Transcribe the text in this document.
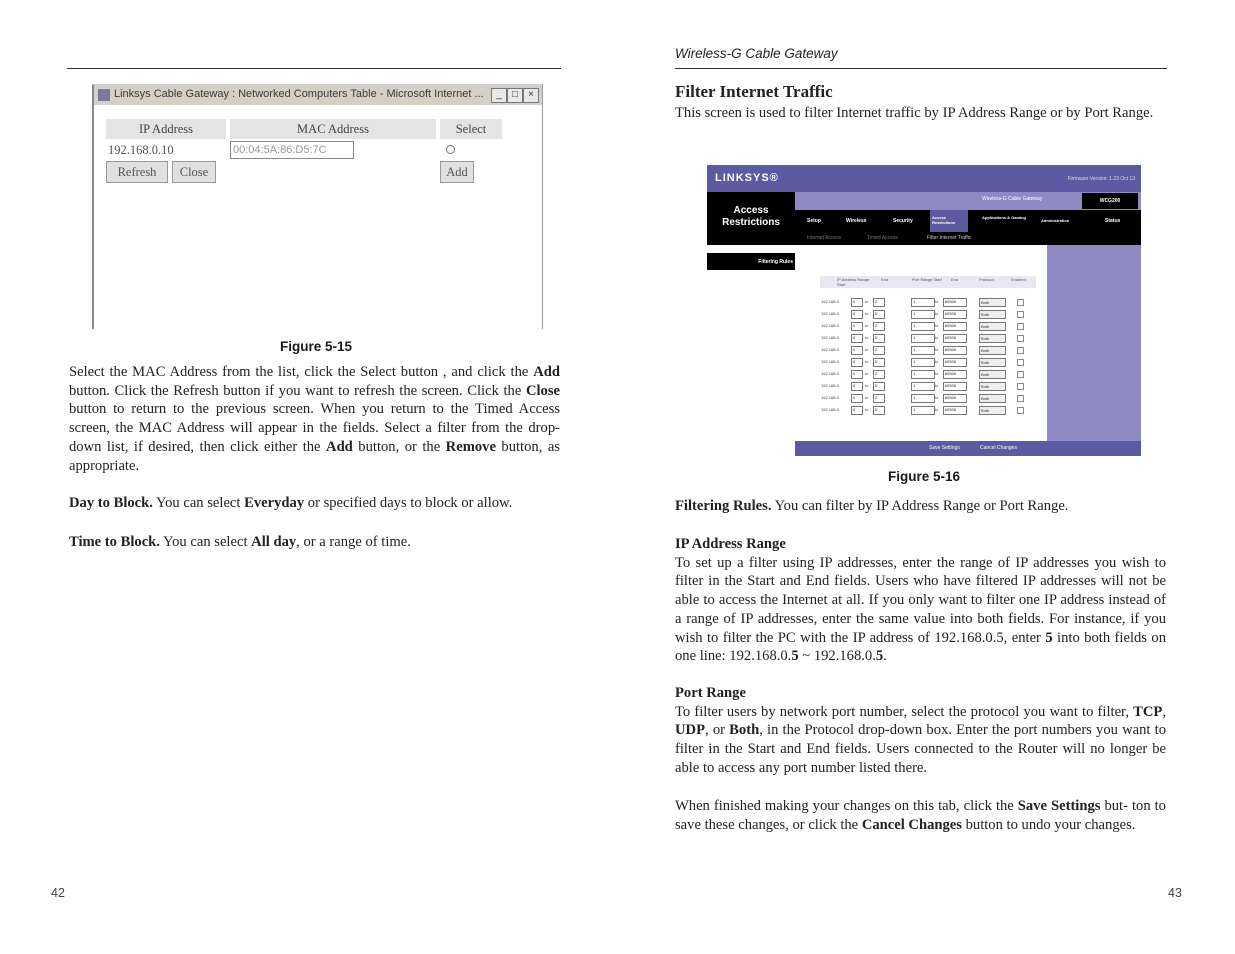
Linksys Cable Gateway : Networked Computers Table - Microsoft Internet ...	_	□	×
IP Address	MAC Address	Select
192.168.0.10	00:04:5A:86:D5:7C
Refresh	Close	Add
Figure 5-15
Select the MAC Address from the list, click the Select button , and click the Add button. Click the Refresh button if you want to refresh the screen. Click the Close button to return to the previous screen. When you return to the Timed Access screen, the MAC Address will appear in the fields. Select a filter from the drop-down list, if desired, then click either the Add button, or the Remove button, as appropriate.
Day to Block. You can select Everyday or specified days to block or allow.
Time to Block. You can select All day, or a range of time.
42
Wireless-G Cable Gateway
Filter Internet Traffic
This screen is used to filter Internet traffic by IP Address Range or by Port Range.
LINKSYS®	Firmware Version: 1.23 Oct 13
Access Restrictions
Wireless-G Cable Gateway	WCG200
Setup	Wireless	Security
Access Restrictions
Applications & Gaming
Administration	Status
Internet Access	Timed Access	Filter Internet Traffic
Filtering Rules
IP Address Range Start
End	Port Range Start	End	Protocol	Enabled
192.168.0.	0 to 0	1	to 65535	Both
192.168.0.	0 to 0	1	to 65535	Both
192.168.0.	0 to 0	1	to 65535	Both
192.168.0.	0 to 0	1	to 65535	Both
192.168.0.	0 to 0	1	to 65535	Both
192.168.0.	0 to 0	1	to 65535	Both
192.168.0.	0 to 0	1	to 65535	Both
192.168.0.	0 to 0	1	to 65535	Both
192.168.0.	0 to 0	1	to 65535	Both
192.168.0.	0 to 0	1	to 65535	Both
Save Settings	Cancel Changes
Figure 5-16
Filtering Rules. You can filter by IP Address Range or Port Range.
IP Address Range
To set up a filter using IP addresses, enter the range of IP addresses you wish to filter in the Start and End fields. Users who have filtered IP addresses will not be able to access the Internet at all. If you only want to filter one IP address instead of a range of IP addresses, enter the same value into both fields. For instance, if you wish to filter the PC with the IP address of 192.168.0.5, enter 5 into both fields on one line: 192.168.0.5 ~ 192.168.0.5.
Port Range
To filter users by network port number, select the protocol you want to filter, TCP, UDP, or Both, in the Protocol drop-down box. Enter the port numbers you want to filter in the Start and End fields. Users connected to the Router will no longer be able to access any port number listed there.
When finished making your changes on this tab, click the Save Settings but- ton to save these changes, or click the Cancel Changes button to undo your changes.
43
